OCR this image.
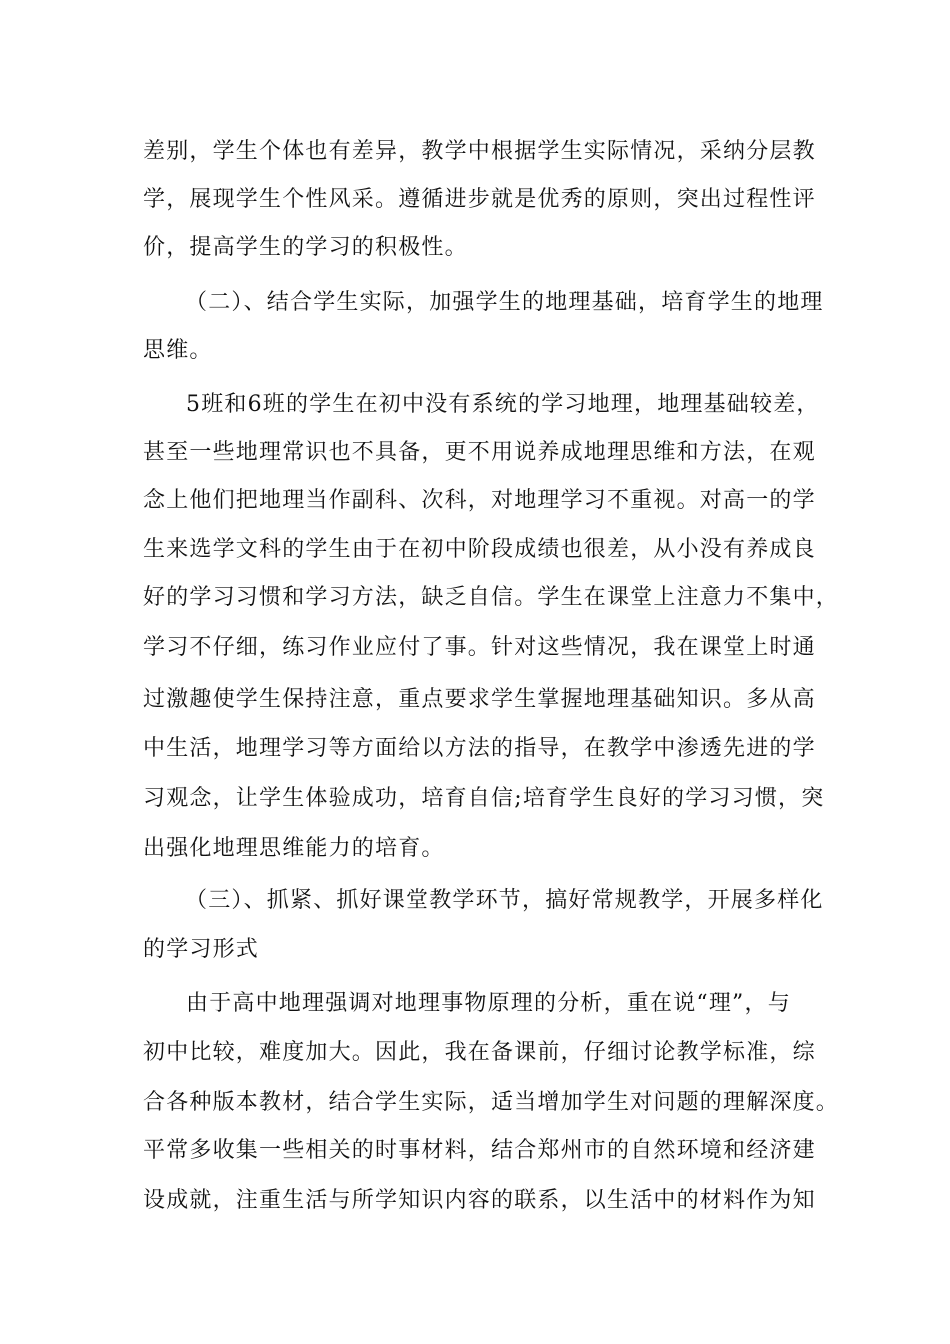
差别，学生个体也有差异，教学中根据学生实际情况，采纳分层教
学，展现学生个性风采。遵循进步就是优秀的原则，突出过程性评
价，提高学生的学习的积极性。
（二）、结合学生实际，加强学生的地理基础，培育学生的地理
思维。
5班和6班的学生在初中没有系统的学习地理，地理基础较差，
甚至一些地理常识也不具备，更不用说养成地理思维和方法，在观
念上他们把地理当作副科、次科，对地理学习不重视。对高一的学
生来选学文科的学生由于在初中阶段成绩也很差，从小没有养成良
好的学习习惯和学习方法，缺乏自信。学生在课堂上注意力不集中，
学习不仔细，练习作业应付了事。针对这些情况，我在课堂上时通
过激趣使学生保持注意，重点要求学生掌握地理基础知识。多从高
中生活，地理学习等方面给以方法的指导，在教学中渗透先进的学
习观念，让学生体验成功，培育自信;培育学生良好的学习习惯，突
出强化地理思维能力的培育。
（三）、抓紧、抓好课堂教学环节，搞好常规教学，开展多样化
的学习形式
由于高中地理强调对地理事物原理的分析，重在说“理”，与
初中比较，难度加大。因此，我在备课前，仔细讨论教学标准，综
合各种版本教材，结合学生实际，适当增加学生对问题的理解深度。
平常多收集一些相关的时事材料，结合郑州市的自然环境和经济建
设成就，注重生活与所学知识内容的联系，以生活中的材料作为知
